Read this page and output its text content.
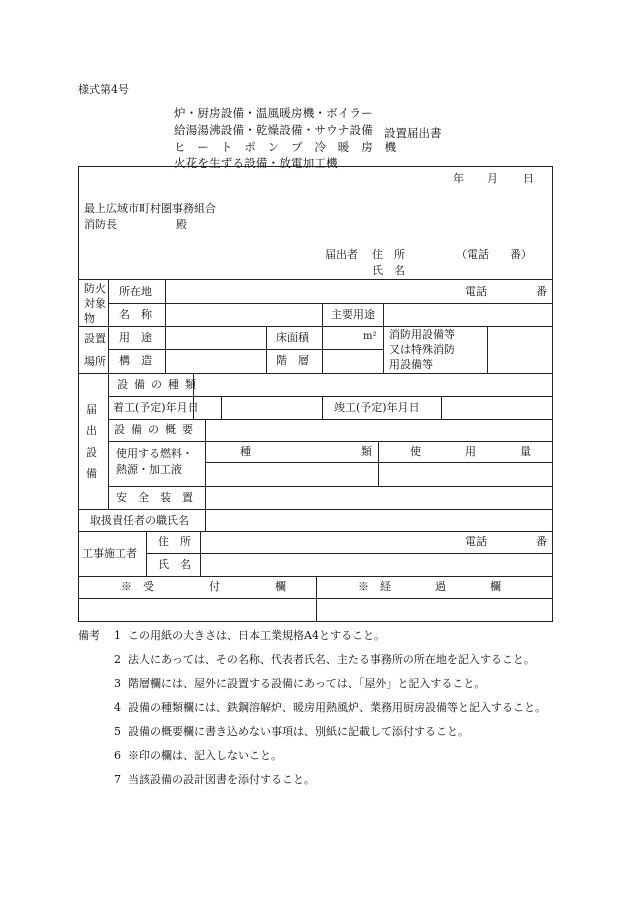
様式第4号
炉・厨房設備・温風暖房機・ボイラー
給湯湯沸設備・乾燥設備・サウナ設備
ヒ　ー　ト　ポ　ン　プ　冷　暖　房　機
火花を生ずる設備・放電加工機
設置届出書
年 月 日
最上広域市町村圏事務組合
消防長	殿
届出者 住　所	（電話 番）
氏　名
防火
対象
物
所在地	電話	番
名　称	主要用途
設置
場所
用　途	床面積	m²
構　造	階　層
消防用設備等
又は特殊消防
用設備等
届
出
設
備
設備の種類
着工(予定)年月日	竣工(予定)年月日
設備の概要
使用する燃料・
熱源・加工液
種　　　　　　　　　　類	使　　　　用　　　　量
安　全　装　置
取扱責任者の職氏名
工事施工者
住　所	電話	番
氏　名
※　受　　　　　付　　　　　欄	※　経　　　　過　　　　欄
備考 1 この用紙の大きさは、日本工業規格A4とすること。
2 法人にあっては、その名称、代表者氏名、主たる事務所の所在地を記入すること。
3 階層欄には、屋外に設置する設備にあっては、「屋外」と記入すること。
4 設備の種類欄には、鉄鋼溶解炉、暖房用熱風炉、業務用厨房設備等と記入すること。
5 設備の概要欄に書き込めない事項は、別紙に記載して添付すること。
6 ※印の欄は、記入しないこと。
7 当該設備の設計図書を添付すること。
